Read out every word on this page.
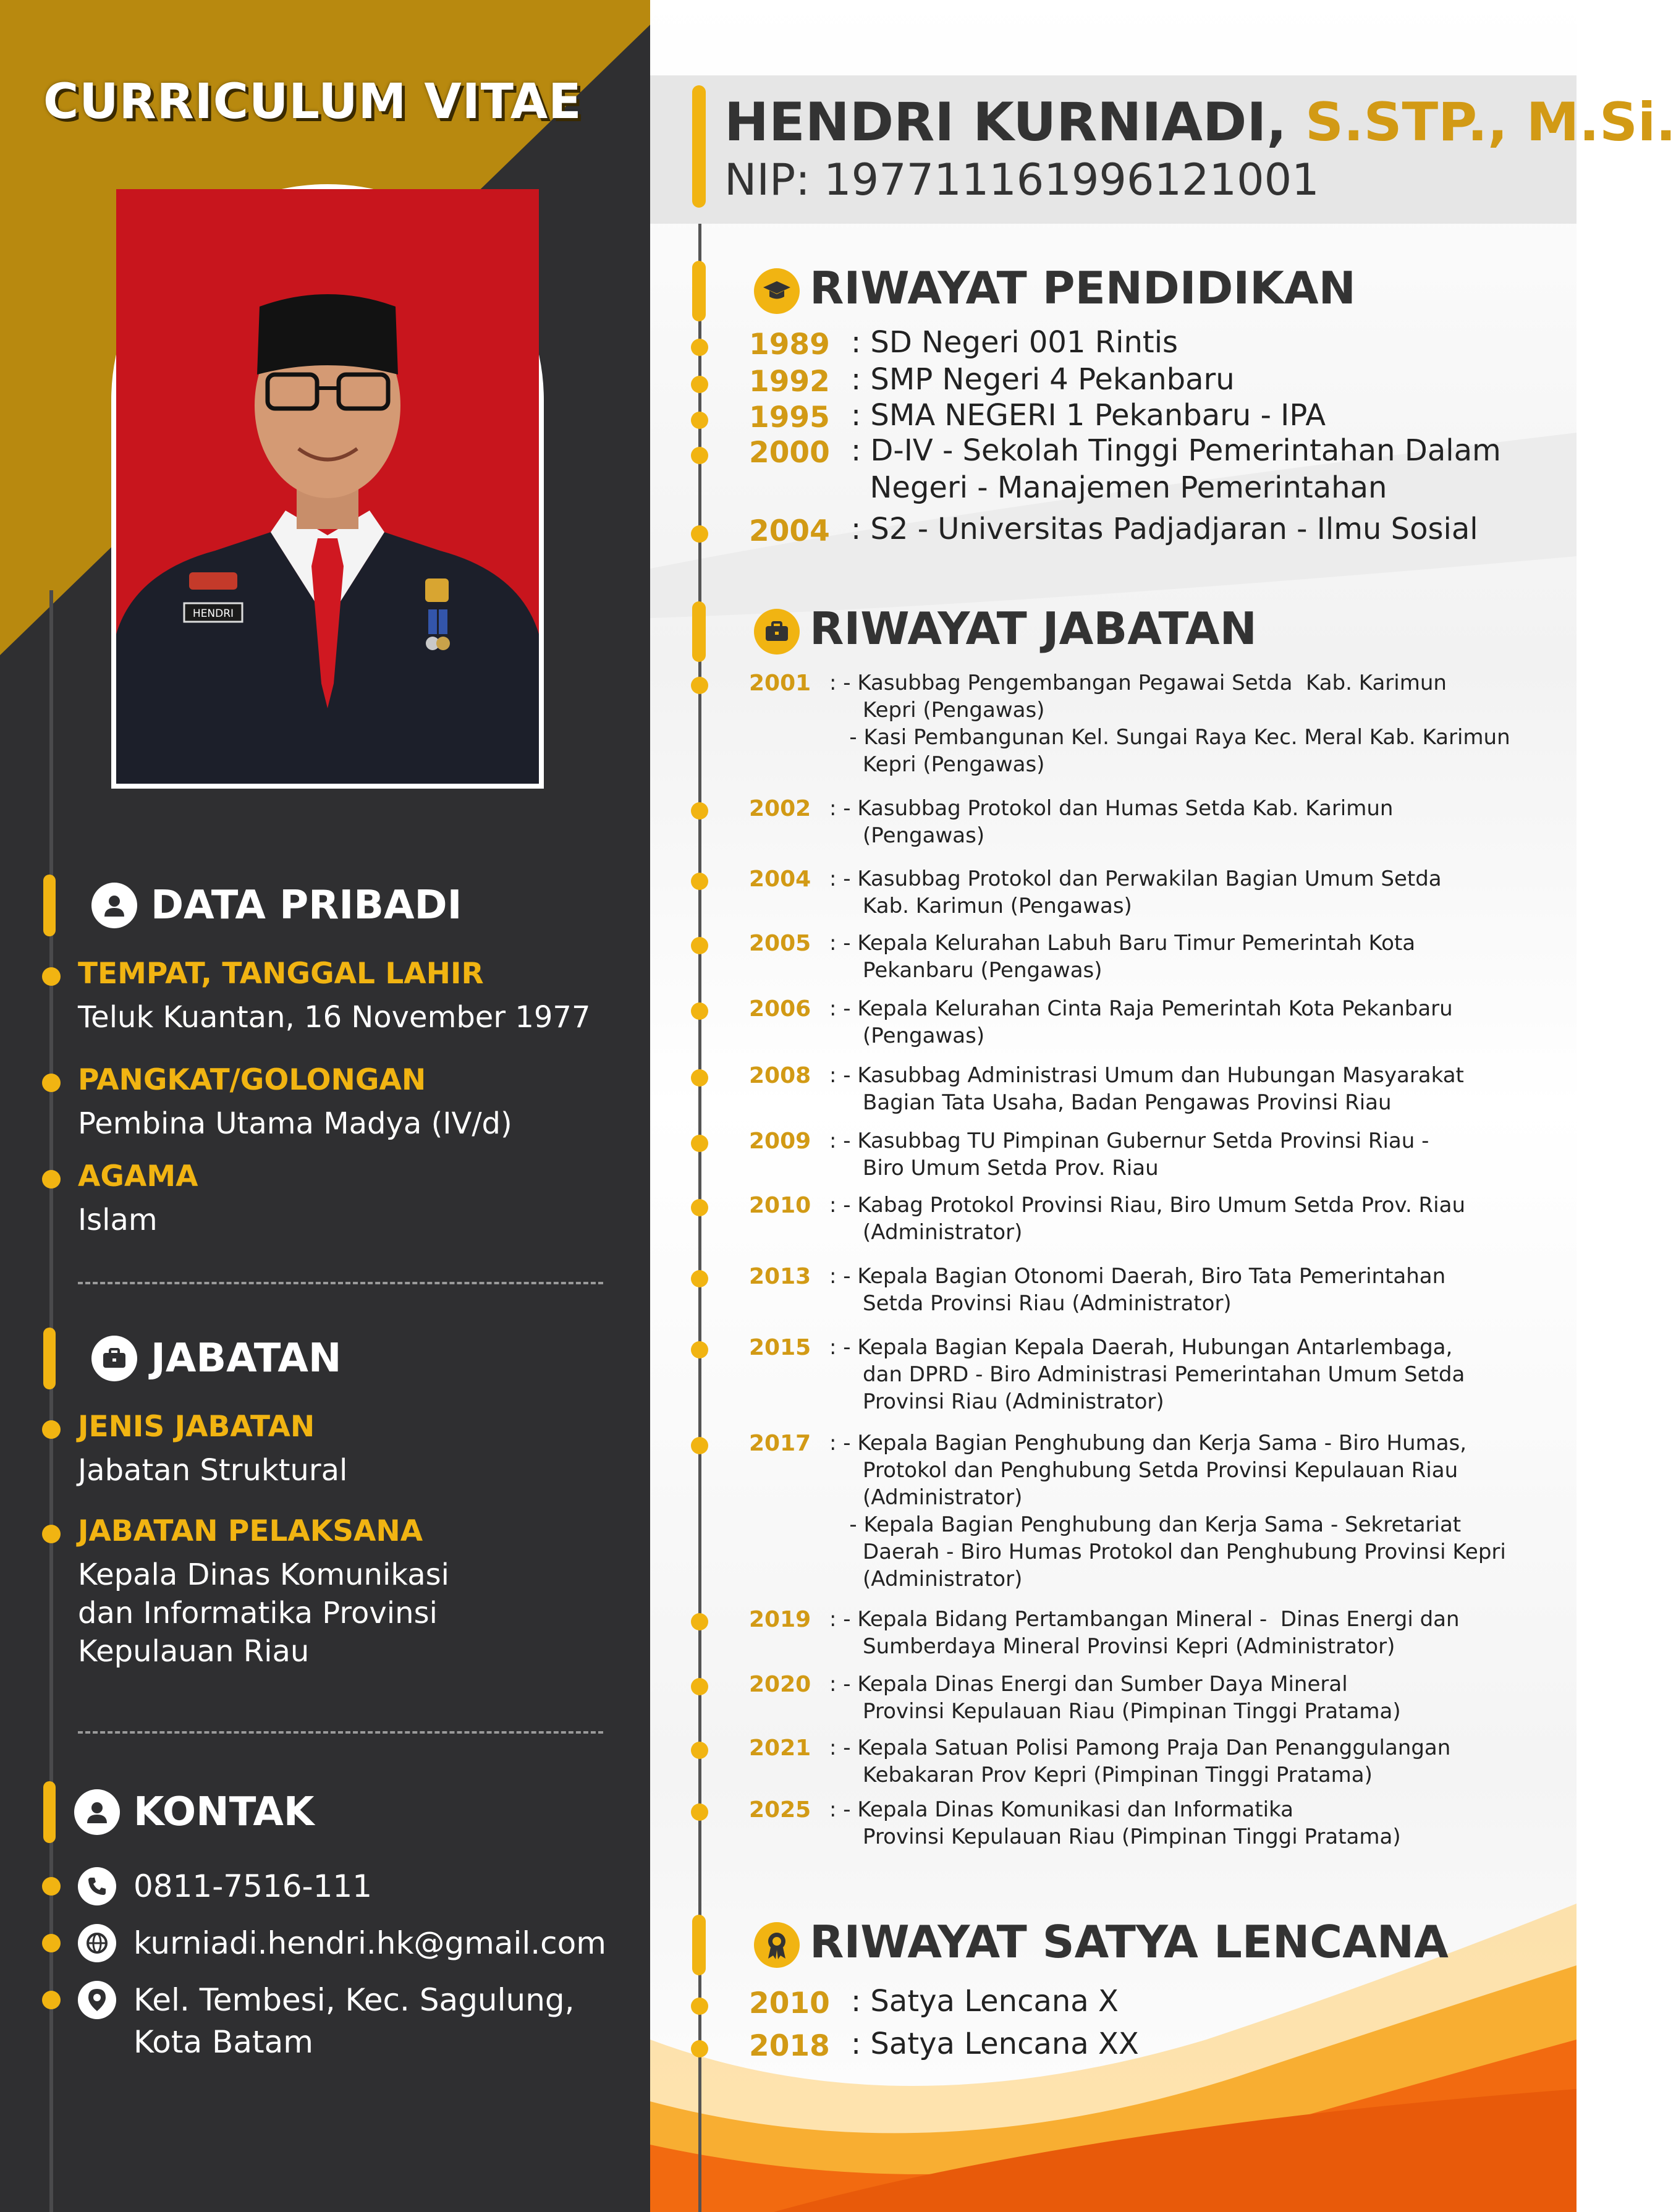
CURRICULUM VITAE
HENDRI
DATA PRIBADI
TEMPAT, TANGGAL LAHIR
Teluk Kuantan, 16 November 1977
PANGKAT/GOLONGAN
Pembina Utama Madya (IV/d)
AGAMA
Islam
JABATAN
JENIS JABATAN
Jabatan Struktural
JABATAN PELAKSANA
Kepala Dinas Komunikasi
dan Informatika Provinsi
Kepulauan Riau
KONTAK
0811-7516-111
kurniadi.hendri.hk@gmail.com
Kel. Tembesi, Kec. Sagulung,
Kota Batam
HENDRI KURNIADI, S.STP., M.Si.
NIP: 197711161996121001
RIWAYAT PENDIDIKAN
1989 : SD Negeri 001 Rintis
1992 : SMP Negeri 4 Pekanbaru
1995 : SMA NEGERI 1 Pekanbaru - IPA
2000 : D-IV - Sekolah Tinggi Pemerintahan Dalam
Negeri - Manajemen Pemerintahan
2004 : S2 - Universitas Padjadjaran - Ilmu Sosial
RIWAYAT JABATAN
2001 : - Kasubbag Pengembangan Pegawai Setda  Kab. Karimun
Kepri (Pengawas)
- Kasi Pembangunan Kel. Sungai Raya Kec. Meral Kab. Karimun
Kepri (Pengawas)
2002 : - Kasubbag Protokol dan Humas Setda Kab. Karimun
(Pengawas)
2004 : - Kasubbag Protokol dan Perwakilan Bagian Umum Setda
Kab. Karimun (Pengawas)
2005 : - Kepala Kelurahan Labuh Baru Timur Pemerintah Kota
Pekanbaru (Pengawas)
2006 : - Kepala Kelurahan Cinta Raja Pemerintah Kota Pekanbaru
(Pengawas)
2008 : - Kasubbag Administrasi Umum dan Hubungan Masyarakat
Bagian Tata Usaha, Badan Pengawas Provinsi Riau
2009 : - Kasubbag TU Pimpinan Gubernur Setda Provinsi Riau -
Biro Umum Setda Prov. Riau
2010 : - Kabag Protokol Provinsi Riau, Biro Umum Setda Prov. Riau
(Administrator)
2013 : - Kepala Bagian Otonomi Daerah, Biro Tata Pemerintahan
Setda Provinsi Riau (Administrator)
2015 : - Kepala Bagian Kepala Daerah, Hubungan Antarlembaga,
dan DPRD - Biro Administrasi Pemerintahan Umum Setda
Provinsi Riau (Administrator)
2017 : - Kepala Bagian Penghubung dan Kerja Sama - Biro Humas,
Protokol dan Penghubung Setda Provinsi Kepulauan Riau
(Administrator)
- Kepala Bagian Penghubung dan Kerja Sama - Sekretariat
Daerah - Biro Humas Protokol dan Penghubung Provinsi Kepri
(Administrator)
2019 : - Kepala Bidang Pertambangan Mineral -  Dinas Energi dan
Sumberdaya Mineral Provinsi Kepri (Administrator)
2020 : - Kepala Dinas Energi dan Sumber Daya Mineral
Provinsi Kepulauan Riau (Pimpinan Tinggi Pratama)
2021 : - Kepala Satuan Polisi Pamong Praja Dan Penanggulangan
Kebakaran Prov Kepri (Pimpinan Tinggi Pratama)
2025 : - Kepala Dinas Komunikasi dan Informatika
Provinsi Kepulauan Riau (Pimpinan Tinggi Pratama)
RIWAYAT SATYA LENCANA
2010 : Satya Lencana X
2018 : Satya Lencana XX
